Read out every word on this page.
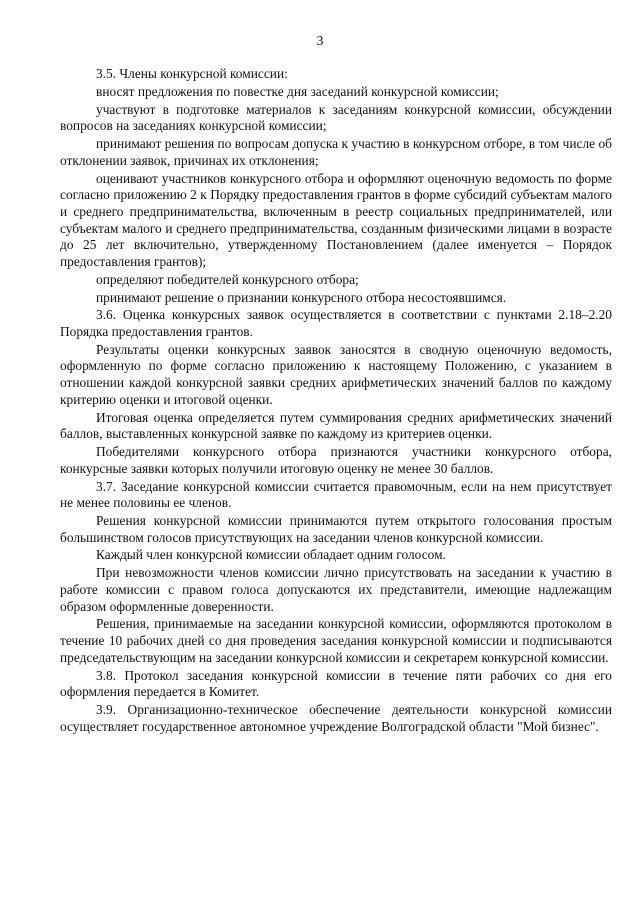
3

3.5. Члены конкурсной комиссии:

вносят предложения по повестке дня заседаний конкурсной комиссии;

участвуют в подготовке материалов к заседаниям конкурсной комиссии, обсуждении вопросов на заседаниях конкурсной комиссии;

принимают решения по вопросам допуска к участию в конкурсном отборе, в том числе об отклонении заявок, причинах их отклонения;

оценивают участников конкурсного отбора и оформляют оценочную ведомость по форме согласно приложению 2 к Порядку предоставления грантов в форме субсидий субъектам малого и среднего предпринимательства, включенным в реестр социальных предпринимателей, или субъектам малого и среднего предпринимательства, созданным физическими лицами в возрасте до 25 лет включительно, утвержденному Постановлением (далее именуется – Порядок предоставления грантов);

определяют победителей конкурсного отбора;

принимают решение о признании конкурсного отбора несостоявшимся.

3.6. Оценка конкурсных заявок осуществляется в соответствии с пунктами 2.18–2.20 Порядка предоставления грантов.

Результаты оценки конкурсных заявок заносятся в сводную оценочную ведомость, оформленную по форме согласно приложению к настоящему Положению, с указанием в отношении каждой конкурсной заявки средних арифметических значений баллов по каждому критерию оценки и итоговой оценки.

Итоговая оценка определяется путем суммирования средних арифметических значений баллов, выставленных конкурсной заявке по каждому из критериев оценки.

Победителями конкурсного отбора признаются участники конкурсного отбора, конкурсные заявки которых получили итоговую оценку не менее 30 баллов.

3.7. Заседание конкурсной комиссии считается правомочным, если на нем присутствует не менее половины ее членов.

Решения конкурсной комиссии принимаются путем открытого голосования простым большинством голосов присутствующих на заседании членов конкурсной комиссии.

Каждый член конкурсной комиссии обладает одним голосом.

При невозможности членов комиссии лично присутствовать на заседании к участию в работе комиссии с правом голоса допускаются их представители, имеющие надлежащим образом оформленные доверенности.

Решения, принимаемые на заседании конкурсной комиссии, оформляются протоколом в течение 10 рабочих дней со дня проведения заседания конкурсной комиссии и подписываются председательствующим на заседании конкурсной комиссии и секретарем конкурсной комиссии.

3.8. Протокол заседания конкурсной комиссии в течение пяти рабочих со дня его оформления передается в Комитет.

3.9. Организационно-техническое обеспечение деятельности конкурсной комиссии осуществляет государственное автономное учреждение Волгоградской области "Мой бизнес".
